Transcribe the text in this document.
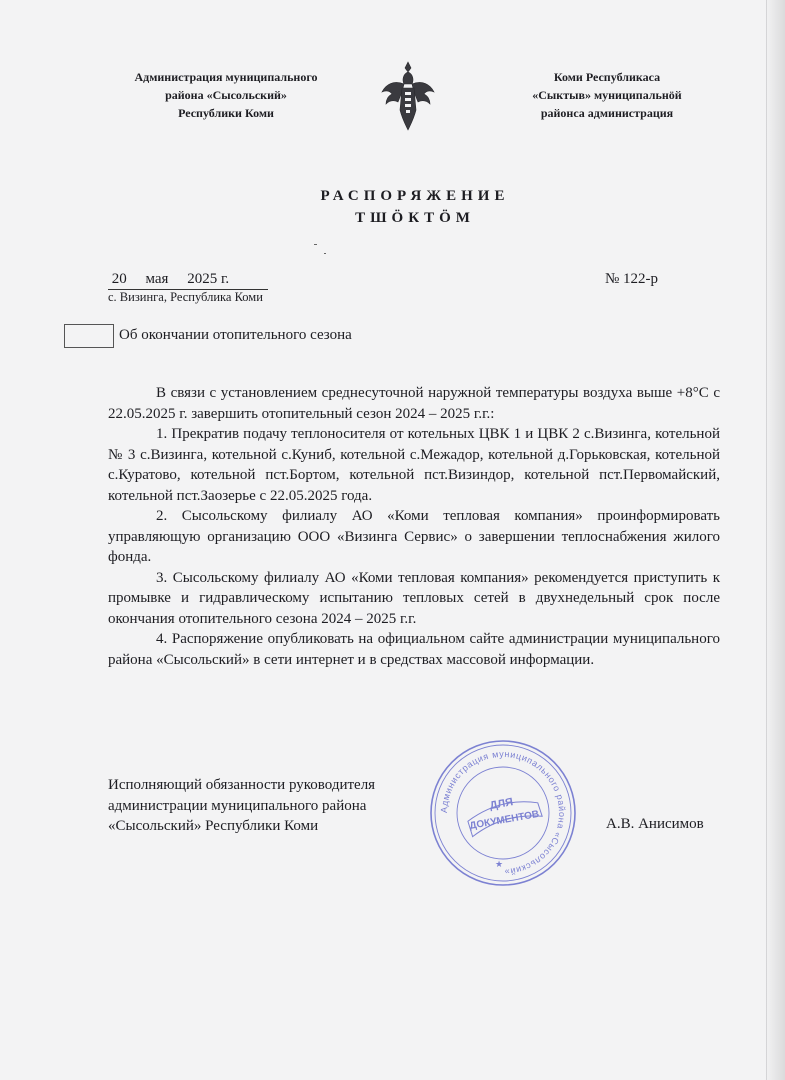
Администрация муниципального
района «Сысольский»
Республики Коми
Коми Республикаса
«Сыктыв» муниципальнöй
районса администрация
РАСПОРЯЖЕНИЕ
ТШÖКТÖМ
20     мая     2025 г.	№ 122-р
с. Визинга, Республика Коми
Об окончании отопительного сезона

В связи с установлением среднесуточной наружной температуры воздуха выше +8°С с 22.05.2025 г. завершить отопительный сезон 2024 – 2025 г.г.:

1. Прекратив подачу теплоносителя от котельных ЦВК 1 и ЦВК 2 с.Визинга, котельной № 3 с.Визинга, котельной с.Куниб, котельной с.Межадор, котельной д.Горьковская, котельной с.Куратово, котельной пст.Бортом, котельной пст.Визиндор, котельной пст.Первомайский, котельной пст.Заозерье с 22.05.2025 года.

2. Сысольскому филиалу АО «Коми тепловая компания» проинформировать управляющую организацию ООО «Визинга Сервис» о завершении теплоснабжения жилого фонда.

3. Сысольскому филиалу АО «Коми тепловая компания» рекомендуется приступить к промывке и гидравлическому испытанию тепловых сетей в двухнедельный срок после окончания отопительного сезона 2024 – 2025 г.г.

4. Распоряжение опубликовать на официальном сайте администрации муниципального района «Сысольский» в сети интернет и в средствах массовой информации.

Исполняющий обязанности руководителя
администрации муниципального района
«Сысольский» Республики Коми	А.В. Анисимов
Администрация муниципального района «Сысольский»
ДЛЯ
ДОКУМЕНТОВ
★
